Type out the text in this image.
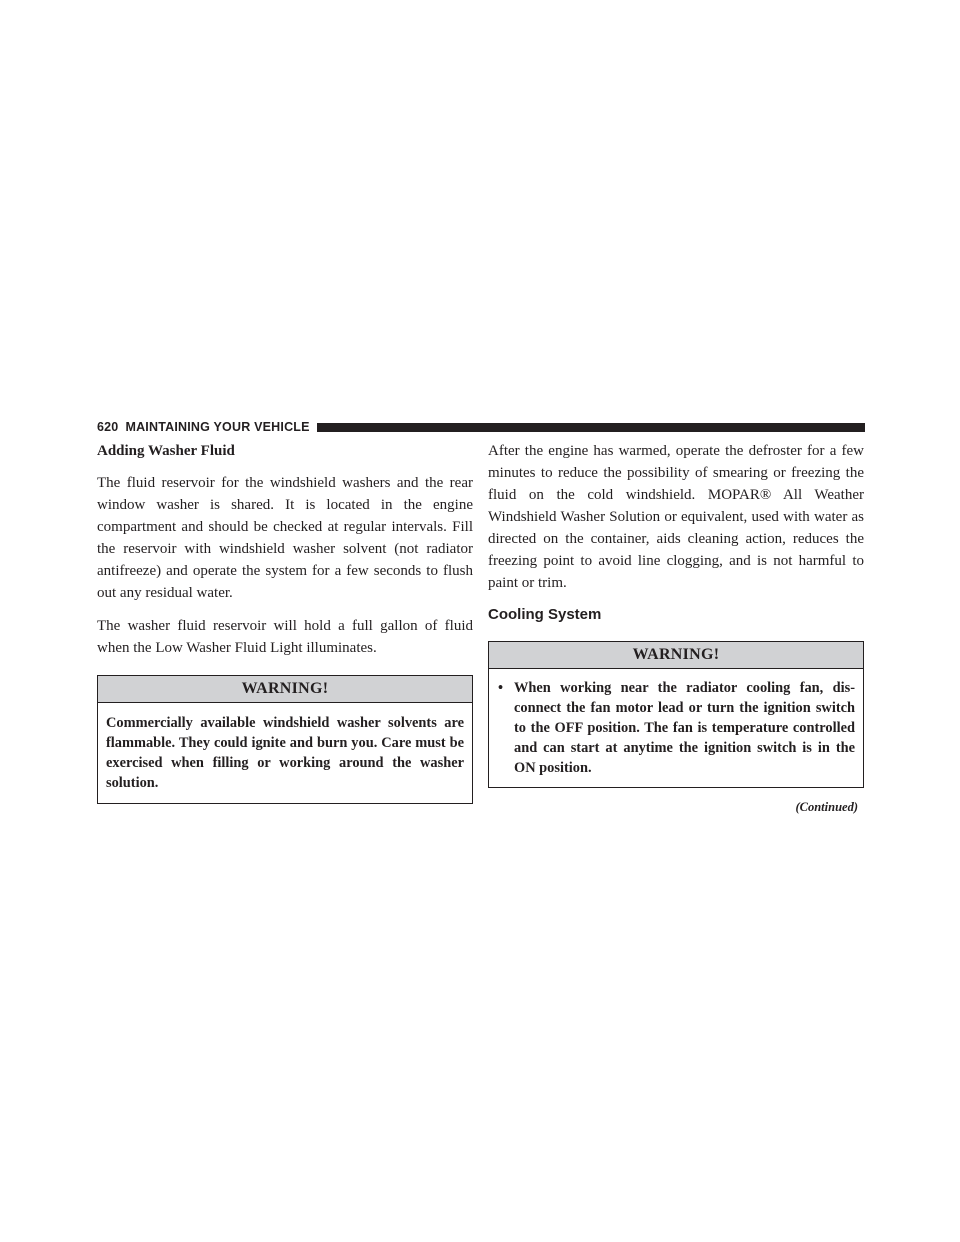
620 MAINTAINING YOUR VEHICLE
Adding Washer Fluid

The fluid reservoir for the windshield washers and the rear window washer is shared. It is located in the engine compartment and should be checked at regular intervals. Fill the reservoir with windshield washer solvent (not radiator antifreeze) and operate the system for a few seconds to flush out any residual water.

The washer fluid reservoir will hold a full gallon of fluid when the Low Washer Fluid Light illuminates.

WARNING!
Commercially available windshield washer solvents are flammable. They could ignite and burn you. Care must be exercised when filling or working around the washer solution.

After the engine has warmed, operate the defroster for a few minutes to reduce the possibility of smearing or freezing the fluid on the cold windshield. MOPAR® All Weather Windshield Washer Solution or equivalent, used with water as directed on the container, aids cleaning action, reduces the freezing point to avoid line clogging, and is not harmful to paint or trim.

Cooling System
WARNING!
• When working near the radiator cooling fan, dis- connect the fan motor lead or turn the ignition switch to the OFF position. The fan is temperature controlled and can start at anytime the ignition switch is in the ON position.
(Continued)
